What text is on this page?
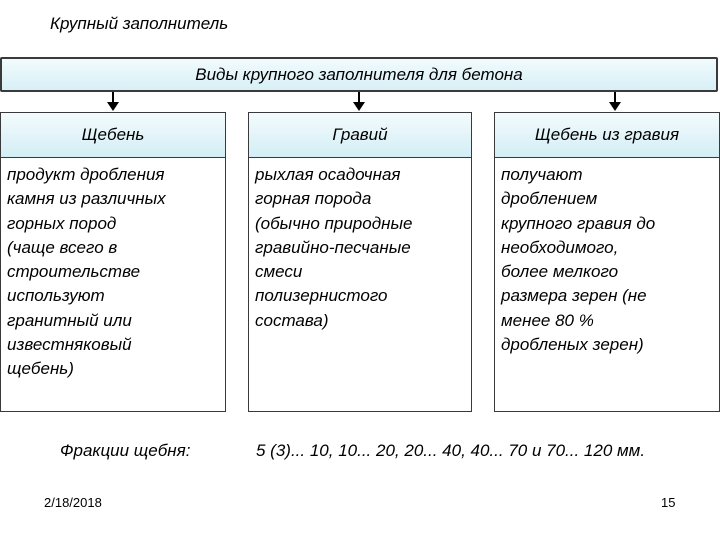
Крупный заполнитель
Виды крупного заполнителя для бетона
Щебень
продукт дробления
камня из различных
горных пород
(чаще всего в
строительстве
используют
гранитный или
известняковый
щебень)
Гравий
рыхлая осадочная
горная порода
(обычно природные
гравийно-песчаные
смеси
полизернистого
состава)
Щебень из гравия
получают
дроблением
крупного гравия до
необходимого,
более мелкого
размера зерен (не
менее 80 %
дробленых зерен)
Фракции щебня:	5 (3)... 10, 10... 20, 20... 40, 40... 70 и 70... 120 мм.
2/18/2018	15
